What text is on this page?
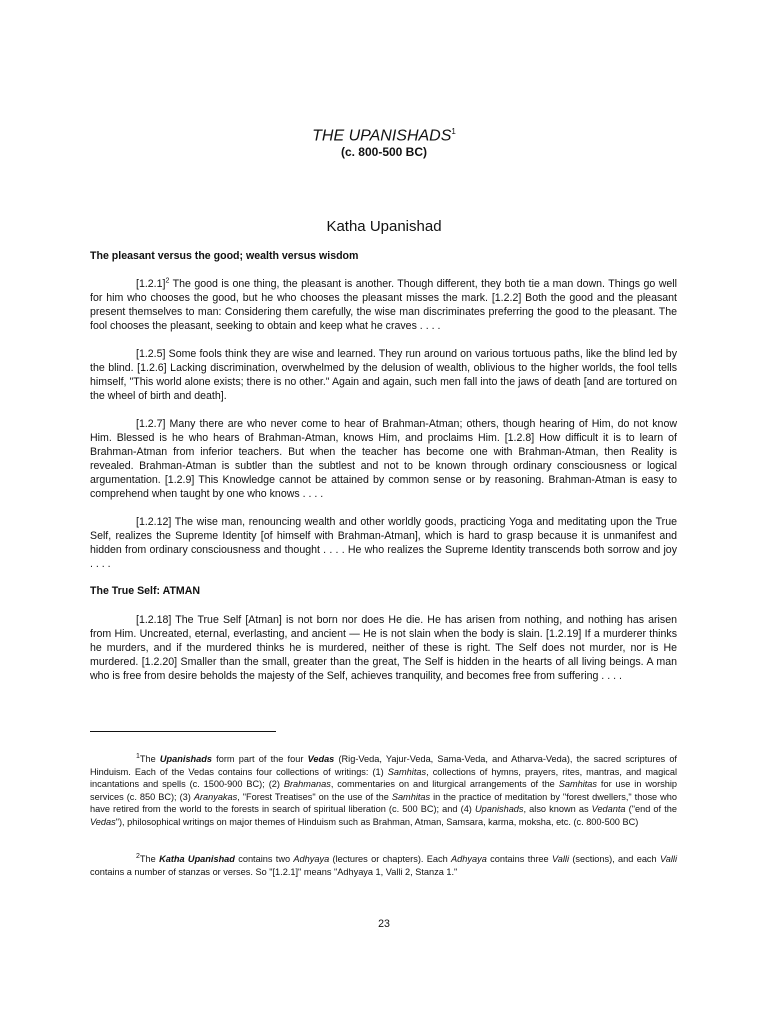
THE UPANISHADS$^1$
(c. 800-500 BC)
Katha Upanishad
The pleasant versus the good; wealth versus wisdom

[1.2.1]$^2$ The good is one thing, the pleasant is another. Though different, they both tie a man down. Things go well for him who chooses the good, but he who chooses the pleasant misses the mark. [1.2.2] Both the good and the pleasant present themselves to man: Considering them carefully, the wise man discriminates preferring the good to the pleasant. The fool chooses the pleasant, seeking to obtain and keep what he craves . . . .

[1.2.5] Some fools think they are wise and learned. They run around on various tortuous paths, like the blind led by the blind. [1.2.6] Lacking discrimination, overwhelmed by the delusion of wealth, oblivious to the higher worlds, the fool tells himself, "This world alone exists; there is no other." Again and again, such men fall into the jaws of death [and are tortured on the wheel of birth and death].

[1.2.7] Many there are who never come to hear of Brahman-Atman; others, though hearing of Him, do not know Him. Blessed is he who hears of Brahman-Atman, knows Him, and proclaims Him. [1.2.8] How difficult it is to learn of Brahman-Atman from inferior teachers. But when the teacher has become one with Brahman-Atman, then Reality is revealed. Brahman-Atman is subtler than the subtlest and not to be known through ordinary consciousness or logical argumentation. [1.2.9] This Knowledge cannot be attained by common sense or by reasoning. Brahman-Atman is easy to comprehend when taught by one who knows . . . .

[1.2.12] The wise man, renouncing wealth and other worldly goods, practicing Yoga and meditating upon the True Self, realizes the Supreme Identity [of himself with Brahman-Atman], which is hard to grasp because it is unmanifest and hidden from ordinary consciousness and thought . . . . He who realizes the Supreme Identity transcends both sorrow and joy . . . .

The True Self: ATMAN

[1.2.18] The True Self [Atman] is not born nor does He die. He has arisen from nothing, and nothing has arisen from Him. Uncreated, eternal, everlasting, and ancient — He is not slain when the body is slain. [1.2.19] If a murderer thinks he murders, and if the murdered thinks he is murdered, neither of these is right. The Self does not murder, nor is He murdered. [1.2.20] Smaller than the small, greater than the great, The Self is hidden in the hearts of all living beings. A man who is free from desire beholds the majesty of the Self, achieves tranquility, and becomes free from suffering . . . .

$^1$The Upanishads form part of the four Vedas (Rig-Veda, Yajur-Veda, Sama-Veda, and Atharva-Veda), the sacred scriptures of Hinduism. Each of the Vedas contains four collections of writings: (1) Samhitas, collections of hymns, prayers, rites, mantras, and magical incantations and spells (c. 1500-900 BC); (2) Brahmanas, commentaries on and liturgical arrangements of the Samhitas for use in worship services (c. 850 BC); (3) Aranyakas, "Forest Treatises" on the use of the Samhitas in the practice of meditation by "forest dwellers," those who have retired from the world to the forests in search of spiritual liberation (c. 500 BC); and (4) Upanishads, also known as Vedanta ("end of the Vedas"), philosophical writings on major themes of Hinduism such as Brahman, Atman, Samsara, karma, moksha, etc. (c. 800-500 BC)

$^2$The Katha Upanishad contains two Adhyaya (lectures or chapters). Each Adhyaya contains three Valli (sections), and each Valli contains a number of stanzas or verses. So "[1.2.1]" means "Adhyaya 1, Valli 2, Stanza 1."

23
